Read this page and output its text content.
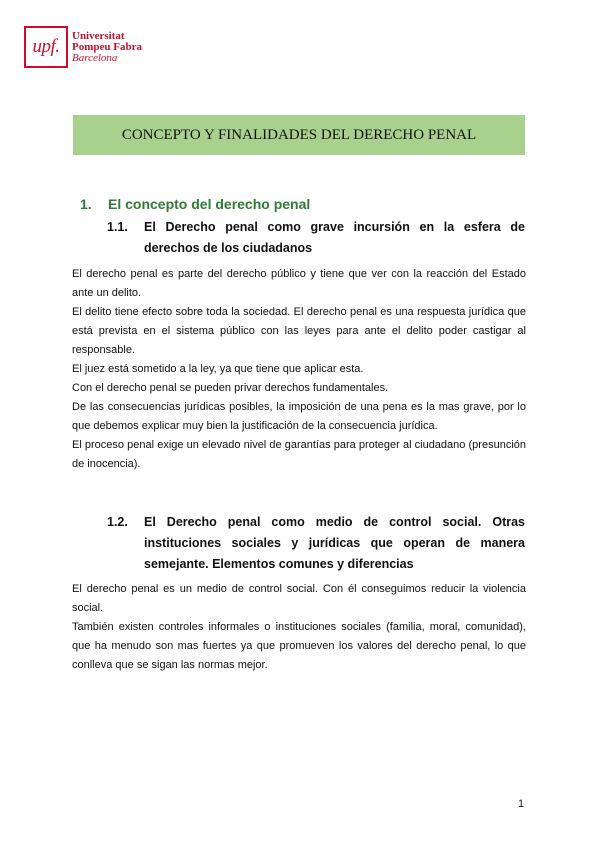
upf.
Universitat
Pompeu Fabra
Barcelona
CONCEPTO Y FINALIDADES DEL DERECHO PENAL
1.	El concepto del derecho penal
1.1.	El Derecho penal como grave incursión en la esfera de derechos de los ciudadanos

El derecho penal es parte del derecho público y tiene que ver con la reacción del Estado ante un delito.

El delito tiene efecto sobre toda la sociedad. El derecho penal es una respuesta jurídica que está prevista en el sistema público con las leyes para ante el delito poder castigar al responsable.

El juez está sometido a la ley, ya que tiene que aplicar esta.

Con el derecho penal se pueden privar derechos fundamentales.

De las consecuencias jurídicas posibles, la imposición de una pena es la mas grave, por lo que debemos explicar muy bien la justificación de la consecuencia jurídica.

El proceso penal exige un elevado nivel de garantías para proteger al ciudadano (presunción de inocencia).

1.2.	El Derecho penal como medio de control social. Otras instituciones sociales y jurídicas que operan de manera semejante. Elementos comunes y diferencias

El derecho penal es un medio de control social. Con él conseguimos reducir la violencia social.

También existen controles informales o instituciones sociales (familia, moral, comunidad), que ha menudo son mas fuertes ya que promueven los valores del derecho penal, lo que conlleva que se sigan las normas mejor.

1
